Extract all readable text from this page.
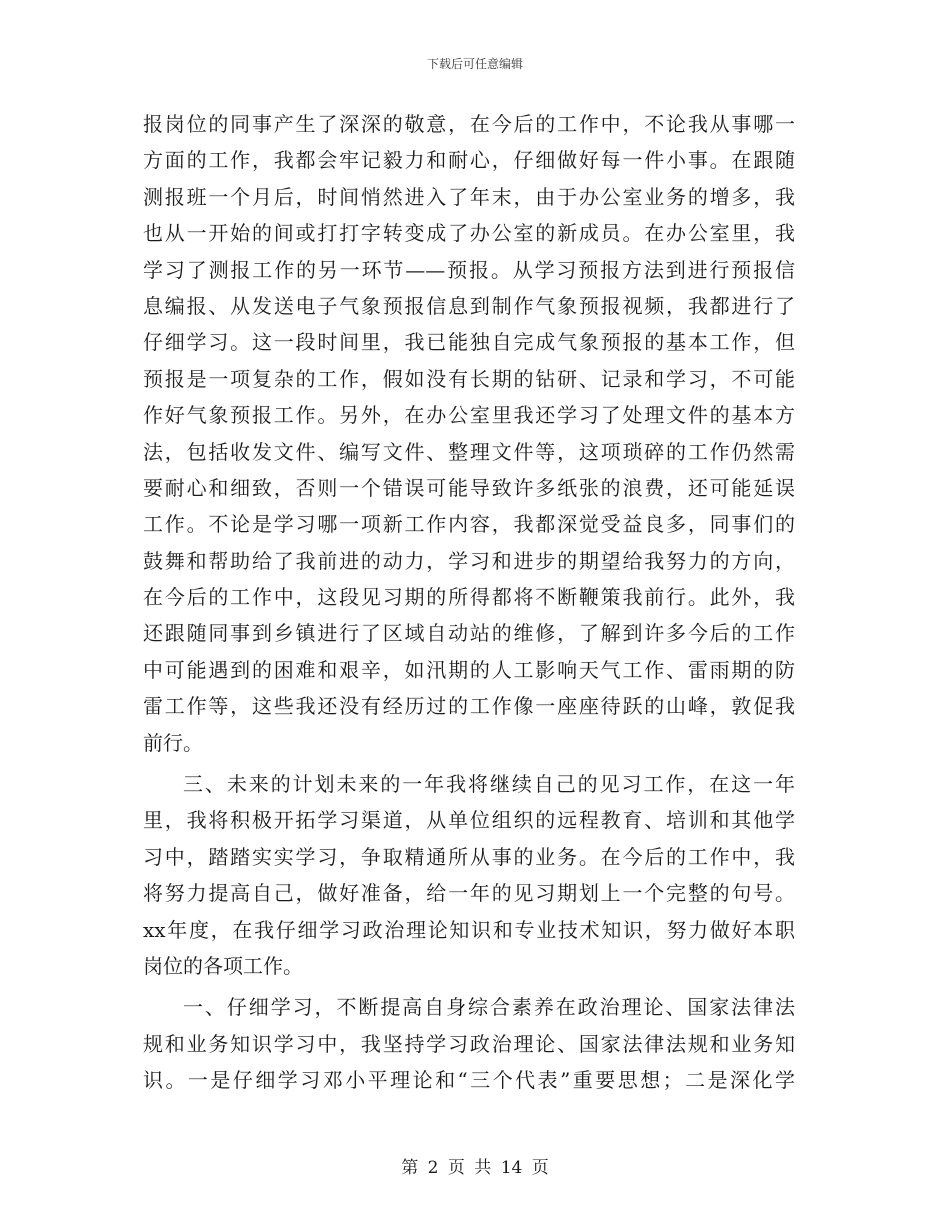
下载后可任意编辑
报岗位的同事产生了深深的敬意，在今后的工作中，不论我从事哪一
方面的工作，我都会牢记毅力和耐心，仔细做好每一件小事。在跟随
测报班一个月后，时间悄然进入了年末，由于办公室业务的增多，我
也从一开始的间或打打字转变成了办公室的新成员。在办公室里，我
学习了测报工作的另一环节——预报。从学习预报方法到进行预报信
息编报、从发送电子气象预报信息到制作气象预报视频，我都进行了
仔细学习。这一段时间里，我已能独自完成气象预报的基本工作，但
预报是一项复杂的工作，假如没有长期的钻研、记录和学习，不可能
作好气象预报工作。另外，在办公室里我还学习了处理文件的基本方
法，包括收发文件、编写文件、整理文件等，这项琐碎的工作仍然需
要耐心和细致，否则一个错误可能导致许多纸张的浪费，还可能延误
工作。不论是学习哪一项新工作内容，我都深觉受益良多，同事们的
鼓舞和帮助给了我前进的动力，学习和进步的期望给我努力的方向，
在今后的工作中，这段见习期的所得都将不断鞭策我前行。此外，我
还跟随同事到乡镇进行了区域自动站的维修，了解到许多今后的工作
中可能遇到的困难和艰辛，如汛期的人工影响天气工作、雷雨期的防
雷工作等，这些我还没有经历过的工作像一座座待跃的山峰，敦促我
前行。
三、未来的计划未来的一年我将继续自己的见习工作，在这一年
里，我将积极开拓学习渠道，从单位组织的远程教育、培训和其他学
习中，踏踏实实学习，争取精通所从事的业务。在今后的工作中，我
将努力提高自己，做好准备，给一年的见习期划上一个完整的句号。
xx年度，在我仔细学习政治理论知识和专业技术知识，努力做好本职
岗位的各项工作。
一、仔细学习，不断提高自身综合素养在政治理论、国家法律法
规和业务知识学习中，我坚持学习政治理论、国家法律法规和业务知
识。一是仔细学习邓小平理论和“三个代表”重要思想；二是深化学
第 2 页 共 14 页
